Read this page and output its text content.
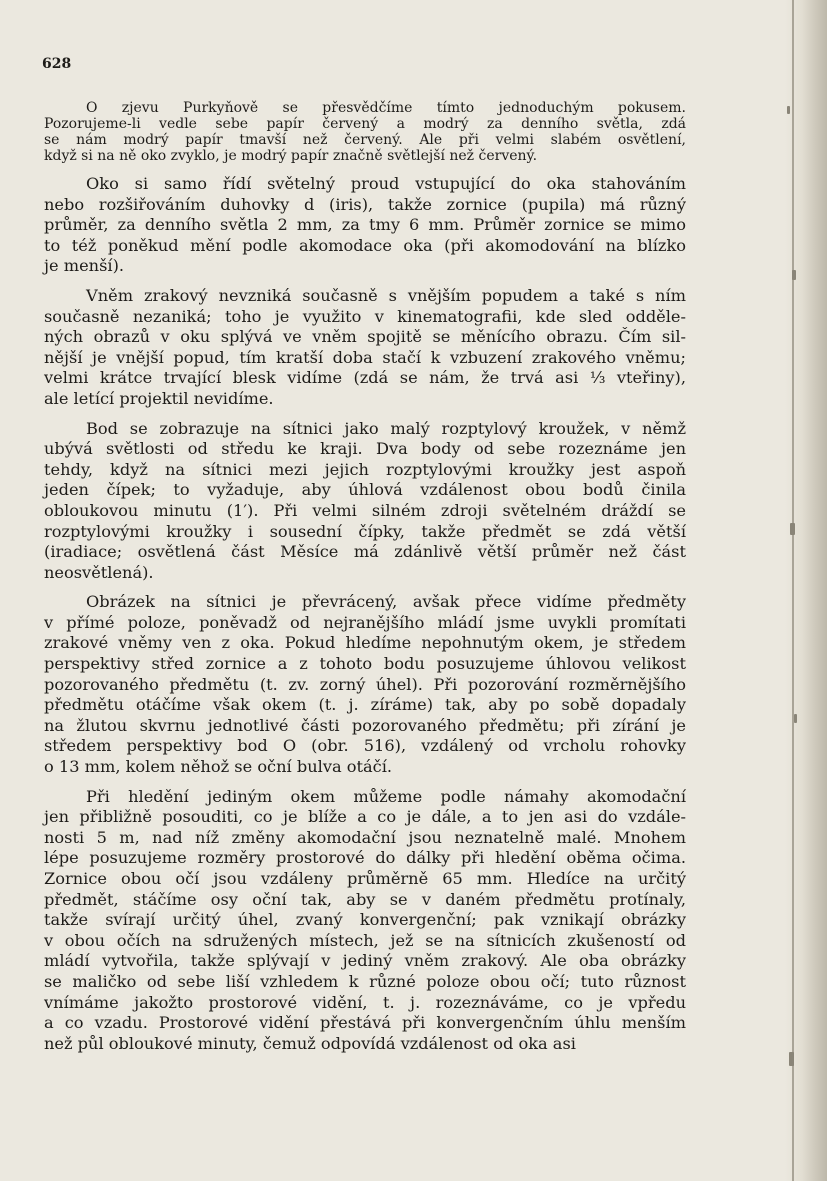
628
O zjevu Purkyňově se přesvědčíme tímto jednoduchým pokusem.
Pozorujeme-li vedle sebe papír červený a modrý za denního světla, zdá
se nám modrý papír tmavší než červený. Ale při velmi slabém osvětlení,
když si na ně oko zvyklo, je modrý papír značně světlejší než červený.
Oko si samo řídí světelný proud vstupující do oka stahováním
nebo rozšiřováním duhovky d (iris), takže zornice (pupila) má různý
průměr, za denního světla 2 mm, za tmy 6 mm. Průměr zornice se mimo
to též poněkud mění podle akomodace oka (při akomodování na blízko
je menší).
Vněm zrakový nevzniká současně s vnějším popudem a také s ním
současně nezaniká; toho je využito v kinematografii, kde sled odděle-
ných obrazů v oku splývá ve vněm spojitě se měnícího obrazu. Čím sil-
nější je vnější popud, tím kratší doba stačí k vzbuzení zrakového vněmu;
velmi krátce trvající blesk vidíme (zdá se nám, že trvá asi ⅓ vteřiny),
ale letící projektil nevidíme.
Bod se zobrazuje na sítnici jako malý rozptylový kroužek, v němž
ubývá světlosti od středu ke kraji. Dva body od sebe rozeznáme jen
tehdy, když na sítnici mezi jejich rozptylovými kroužky jest aspoň
jeden čípek; to vyžaduje, aby úhlová vzdálenost obou bodů činila
obloukovou minutu (1′). Při velmi silném zdroji světelném dráždí se
rozptylovými kroužky i sousední čípky, takže předmět se zdá větší
(iradiace; osvětlená část Měsíce má zdánlivě větší průměr než část
neosvětlená).
Obrázek na sítnici je převrácený, avšak přece vidíme předměty
v přímé poloze, poněvadž od nejranějšího mládí jsme uvykli promítati
zrakové vněmy ven z oka. Pokud hledíme nepohnutým okem, je středem
perspektivy střed zornice a z tohoto bodu posuzujeme úhlovou velikost
pozorovaného předmětu (t. zv. zorný úhel). Při pozorování rozměrnějšího
předmětu otáčíme však okem (t. j. zíráme) tak, aby po sobě dopadaly
na žlutou skvrnu jednotlivé části pozorovaného předmětu; při zírání je
středem perspektivy bod O (obr. 516), vzdálený od vrcholu rohovky
o 13 mm, kolem něhož se oční bulva otáčí.
Při hledění jediným okem můžeme podle námahy akomodační
jen přibližně posouditi, co je blíže a co je dále, a to jen asi do vzdále-
nosti 5 m, nad níž změny akomodační jsou neznatelně malé. Mnohem
lépe posuzujeme rozměry prostorové do dálky při hledění oběma očima.
Zornice obou očí jsou vzdáleny průměrně 65 mm. Hledíce na určitý
předmět, stáčíme osy oční tak, aby se v daném předmětu protínaly,
takže svírají určitý úhel, zvaný konvergenční; pak vznikají obrázky
v obou očích na sdružených místech, jež se na sítnicích zkušeností od
mládí vytvořila, takže splývají v jediný vněm zrakový. Ale oba obrázky
se maličko od sebe liší vzhledem k různé poloze obou očí; tuto různost
vnímáme jakožto prostorové vidění, t. j. rozeznáváme, co je vpředu
a co vzadu. Prostorové vidění přestává při konvergenčním úhlu menším
než půl obloukové minuty, čemuž odpovídá vzdálenost od oka asi
